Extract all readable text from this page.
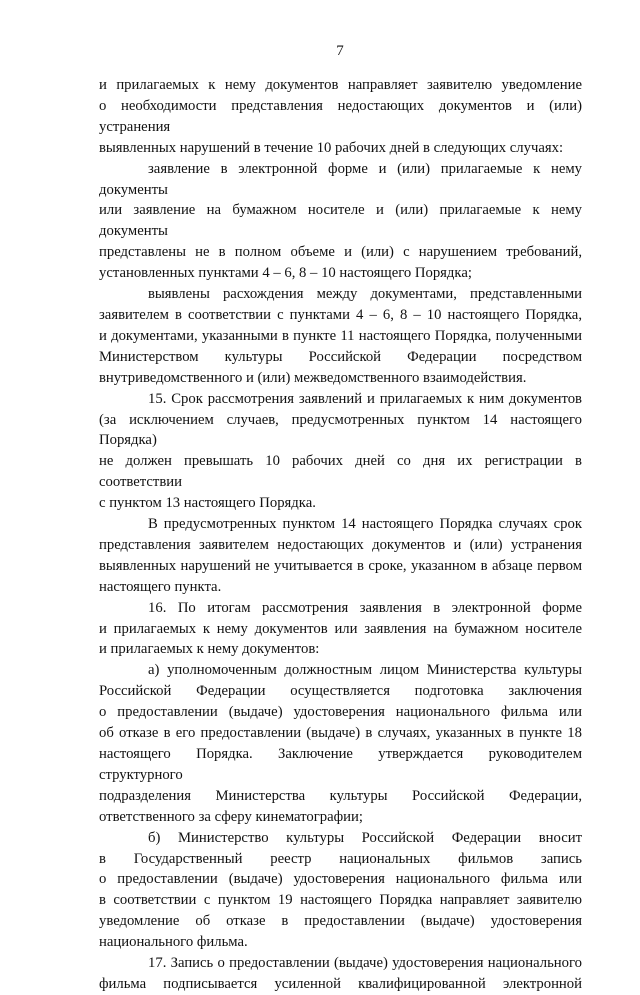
7

и прилагаемых к нему документов направляет заявителю уведомление

о необходимости представления недостающих документов и (или) устранения

выявленных нарушений в течение 10 рабочих дней в следующих случаях:

заявление в электронной форме и (или) прилагаемые к нему документы

или заявление на бумажном носителе и (или) прилагаемые к нему документы

представлены не в полном объеме и (или) с нарушением требований,

установленных пунктами 4 – 6, 8 – 10 настоящего Порядка;

выявлены расхождения между документами, представленными

заявителем в соответствии с пунктами 4 – 6, 8 – 10 настоящего Порядка,

и документами, указанными в пункте 11 настоящего Порядка, полученными

Министерством культуры Российской Федерации посредством

внутриведомственного и (или) межведомственного взаимодействия.

15. Срок рассмотрения заявлений и прилагаемых к ним документов

(за исключением случаев, предусмотренных пунктом 14 настоящего Порядка)

не должен превышать 10 рабочих дней со дня их регистрации в соответствии

с пунктом 13 настоящего Порядка.

В предусмотренных пунктом 14 настоящего Порядка случаях срок

представления заявителем недостающих документов и (или) устранения

выявленных нарушений не учитывается в сроке, указанном в абзаце первом

настоящего пункта.

16. По итогам рассмотрения заявления в электронной форме

и прилагаемых к нему документов или заявления на бумажном носителе

и прилагаемых к нему документов:

а) уполномоченным должностным лицом Министерства культуры

Российской Федерации осуществляется подготовка заключения

о предоставлении (выдаче) удостоверения национального фильма или

об отказе в его предоставлении (выдаче) в случаях, указанных в пункте 18

настоящего Порядка. Заключение утверждается руководителем структурного

подразделения Министерства культуры Российской Федерации,

ответственного за сферу кинематографии;

б) Министерство культуры Российской Федерации вносит

в Государственный реестр национальных фильмов запись

о предоставлении (выдаче) удостоверения национального фильма или

в соответствии с пунктом 19 настоящего Порядка направляет заявителю

уведомление об отказе в предоставлении (выдаче) удостоверения

национального фильма.

17. Запись о предоставлении (выдаче) удостоверения национального

фильма подписывается усиленной квалифицированной электронной
